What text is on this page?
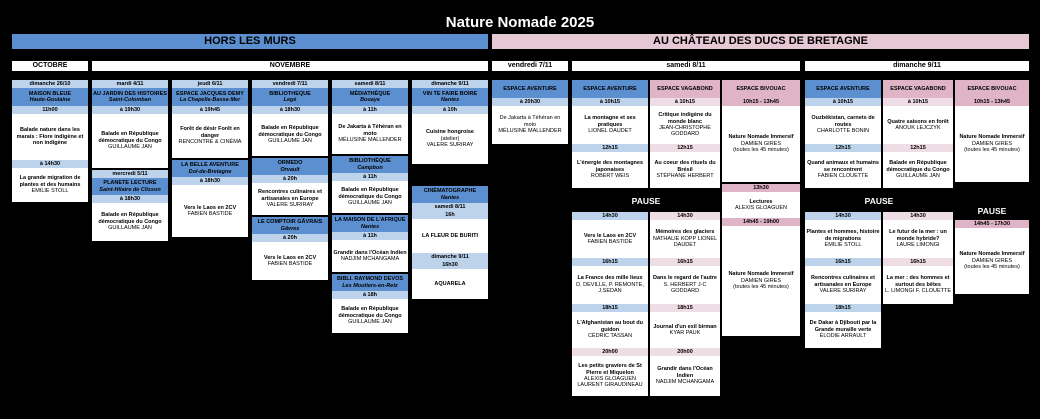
Nature Nomade 2025
HORS LES MURS	AU CHÂTEAU DES DUCS DE BRETAGNE
OCTOBRE	NOVEMBRE	vendredi 7/11	samedi 8/11	dimanche 9/11
dimanche 26/10
MAISON BLEUE
Haute-Goulaine
11h00
Balade nature dans les marais : Flore indigène et non indigène
à 14h30
La grande migration de plantes et des humains
EMILIE STOLL
mardi 4/11
AU JARDIN DES HISTOIRES
Saint-Colomban
à 19h30
Balade en République démocratique du Congo
GUILLAUME JAN
mercredi 5/11
PLANETE LECTURE
Saint-Hilaire de Clisson
à 18h30
Balade en République démocratique du Congo
GUILLAUME JAN
jeudi 6/11
ESPACE JACQUES DEMY
La Chapelle-Basse-Mer
à 19h45
Forêt de désir Forêt en danger
RENCONTRE & CINÉMA
LA BELLE AVENTURE
Dol-de-Bretagne
à 18h30
Vers le Laos en 2CV
FABIEN BASTIDE
vendredi 7/11
BIBLIOTHEQUE
Legé
à 18h30
Balade en République démocratique du Congo
GUILLAUME JAN
ORMEDO
Orvault
à 20h
Rencontres culinaires et artisanales en Europe
VALERE SURIRAY
LE COMPTOIR GÂVRAIS
Gâvres
à 20h
Vers le Laos en 2CV
FABIEN BASTIDE
samedi 8/11
MÉDIATHÈQUE
Bouaye
à 11h
De Jakarta à Téhéran en moto
MÉLUSINE MALLENDER
BIBLIOTHÈQUE
Campbon
à 11h
Balade en République démocratique du Congo
GUILLAUME JAN
LA MAISON DE L'AFRIQUE
Nantes
à 11h
Grandir dans l'Océan Indien
NADJIM MCHANGAMA
BIBLI. RAYMOND DEVOS
Les Moutiers-en-Retz
à 18h
Balade en République démocratique du Congo
GUILLAUME JAN
dimanche 9/11
VIN TE FAIRE BOIRE
Nantes
à 10h
Cuisine hongroise
(atelier)
VALERE SURIRAY
CINÉMATOGRAPHE
Nantes
samedi 8/11
16h
LA FLEUR DE BURITI
dimanche 9/11
16h30
AQUARELA
ESPACE AVENTURE
à 20h30
De Jakarta à Téhéran en moto
MÉLUSINE MALLENDER
ESPACE AVENTURE
à 10h15
La montagne et ses pratiques
LIONEL DAUDET
12h15
L'énergie des montagnes japonaises
ROBERT WEIS
14h30
Vers le Laos en 2CV
FABIEN BASTIDE
16h15
La France des mille lieux
D. DEVILLE, P. REMONTE, J.SEDAN
18h15
L'Afghanistan au bout du guidon
CÉDRIC TASSAN
20h00
Les petits graviers de St Pierre et Miquelon
ALEXIS GLOAGUEN LAURENT GIRAUDINEAU
ESPACE VAGABOND
à 10h15
Critique indigène du monde blanc
JEAN-CHRISTOPHE GODDARD
12h15
Au coeur des rituels du Brésil
STÉPHANE HERBERT
14h30
Mémoires des glaciers
NATHALIE KOPP LIONEL DAUDET
16h15
Dans le regard de l'autre
S. HERBERT J-C GODDARD
18h15
Journal d'un exil birman
KYAR PAUK
20h00
Grandir dans l'Océan Indien
NADJIM MCHANGAMA
ESPACE BIVOUAC
10h15 - 13h45
Nature Nomade Immersif
DAMIEN GIRES
(toutes les 45 minutes)
13h30
Lectures
ALEXIS GLOAGUEN
14h45 - 19h00
Nature Nomade Immersif
DAMIEN GIRES
(toutes les 45 minutes)
PAUSE
ESPACE AVENTURE
à 10h15
Ouzbékistan, carnets de routes
CHARLOTTE BONIN
12h15
Quand animaux et humains se rencontrent
FABIEN CLOUETTE
14h30
Plantes et hommes, histoire de migrations
EMILIE STOLL
16h15
Rencontres culinaires et artisanales en Europe
VALERE SURIRAY
18h15
De Dakar à Djibouti par la Grande muraille verte
ÉLODIE ARRAULT
ESPACE VAGABOND
à 10h15
Quatre saisons en forêt
ANOUK LEJCZYK
12h15
Balade en République démocratique du Congo
GUILLAUME JAN
14h30
Le futur de la mer : un monde hybride?
LAURE LIMONGI
16h15
La mer : des hommes et surtout des bêtes
L. LIMONGI F. CLOUETTE
ESPACE BIVOUAC
10h15 - 13h45
Nature Nomade Immersif
DAMIEN GIRES
(toutes les 45 minutes)
PAUSE
14h45 - 17h30
Nature Nomade Immersif
DAMIEN GIRES
(toutes les 45 minutes)
PAUSE
